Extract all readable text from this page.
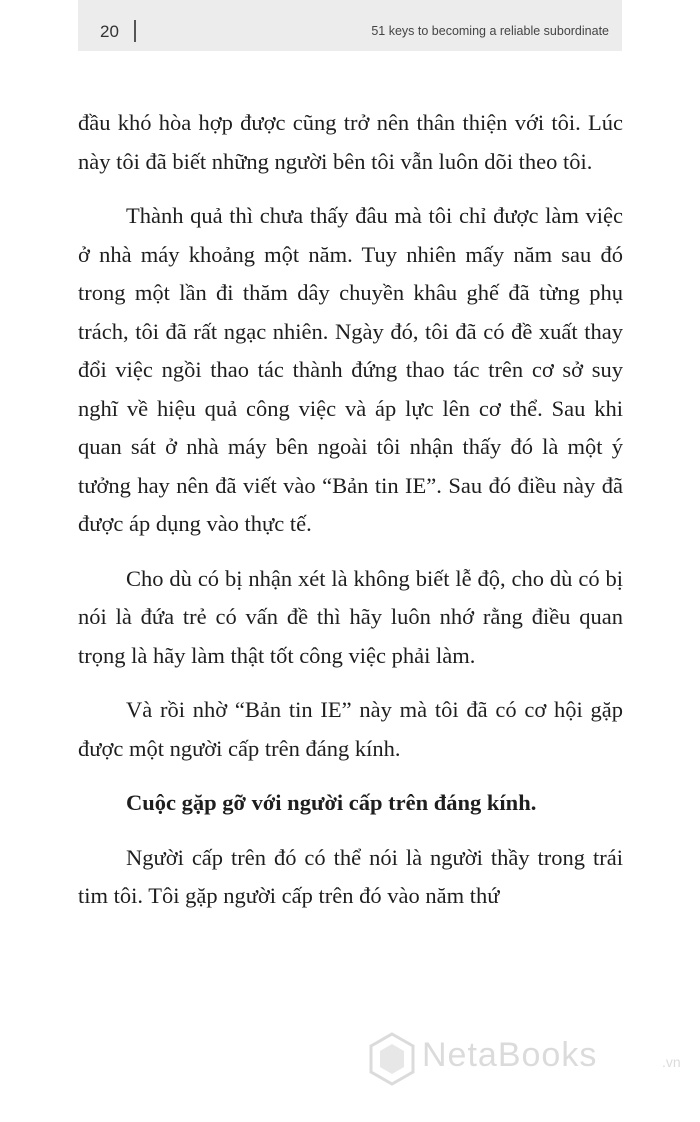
20	51 keys to becoming a reliable subordinate

đầu khó hòa hợp được cũng trở nên thân thiện với tôi. Lúc này tôi đã biết những người bên tôi vẫn luôn dõi theo tôi.

Thành quả thì chưa thấy đâu mà tôi chỉ được làm việc ở nhà máy khoảng một năm. Tuy nhiên mấy năm sau đó trong một lần đi thăm dây chuyền khâu ghế đã từng phụ trách, tôi đã rất ngạc nhiên. Ngày đó, tôi đã có đề xuất thay đổi việc ngồi thao tác thành đứng thao tác trên cơ sở suy nghĩ về hiệu quả công việc và áp lực lên cơ thể. Sau khi quan sát ở nhà máy bên ngoài tôi nhận thấy đó là một ý tưởng hay nên đã viết vào “Bản tin IE”. Sau đó điều này đã được áp dụng vào thực tế.

Cho dù có bị nhận xét là không biết lễ độ, cho dù có bị nói là đứa trẻ có vấn đề thì hãy luôn nhớ rằng điều quan trọng là hãy làm thật tốt công việc phải làm.

Và rồi nhờ “Bản tin IE” này mà tôi đã có cơ hội gặp được một người cấp trên đáng kính.

Cuộc gặp gỡ với người cấp trên đáng kính.

Người cấp trên đó có thể nói là người thầy trong trái tim tôi. Tôi gặp người cấp trên đó vào năm thứ

NetaBooks	.vn
